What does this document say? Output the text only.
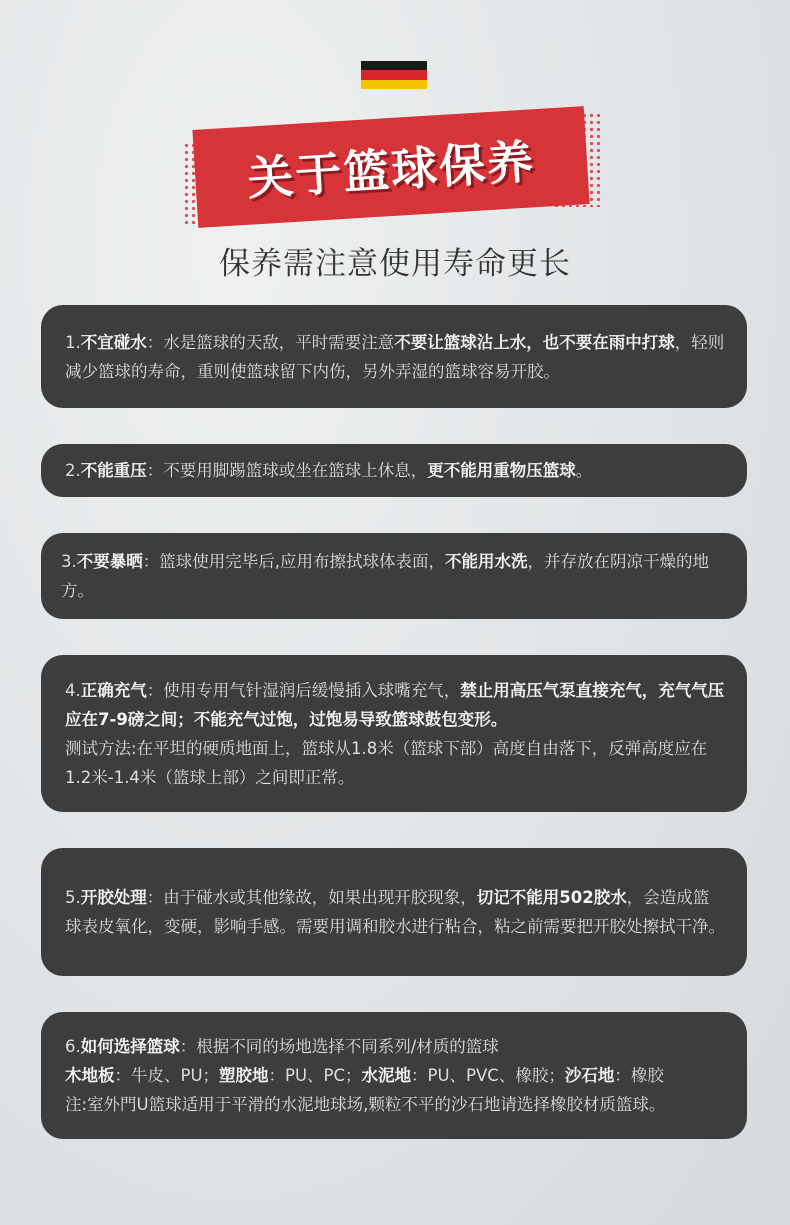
关于篮球保养
保养需注意使用寿命更长

1.不宜碰水：水是篮球的天敌，平时需要注意不要让篮球沾上水，也不要在雨中打球，轻则减少篮球的寿命，重则使篮球留下内伤，另外弄湿的篮球容易开胶。

2.不能重压：不要用脚踢篮球或坐在篮球上休息，更不能用重物压篮球。

3.不要暴晒：篮球使用完毕后,应用布擦拭球体表面，不能用水洗，并存放在阴凉干燥的地方。

4.正确充气：使用专用气针湿润后缓慢插入球嘴充气，禁止用高压气泵直接充气，充气气压应在7-9磅之间；不能充气过饱，过饱易导致篮球鼓包变形。

测试方法:在平坦的硬质地面上，篮球从1.8米（篮球下部）高度自由落下，反弹高度应在1.2米-1.4米（篮球上部）之间即正常。

5.开胶处理：由于碰水或其他缘故，如果出现开胶现象，切记不能用502胶水，会造成篮球表皮氧化，变硬，影响手感。需要用调和胶水进行粘合，粘之前需要把开胶处擦拭干净。

6.如何选择篮球：根据不同的场地选择不同系列/材质的篮球

木地板：牛皮、PU；塑胶地：PU、PC；水泥地：PU、PVC、橡胶；沙石地：橡胶

注:室外門U篮球适用于平滑的水泥地球场,颗粒不平的沙石地请选择橡胶材质篮球。
